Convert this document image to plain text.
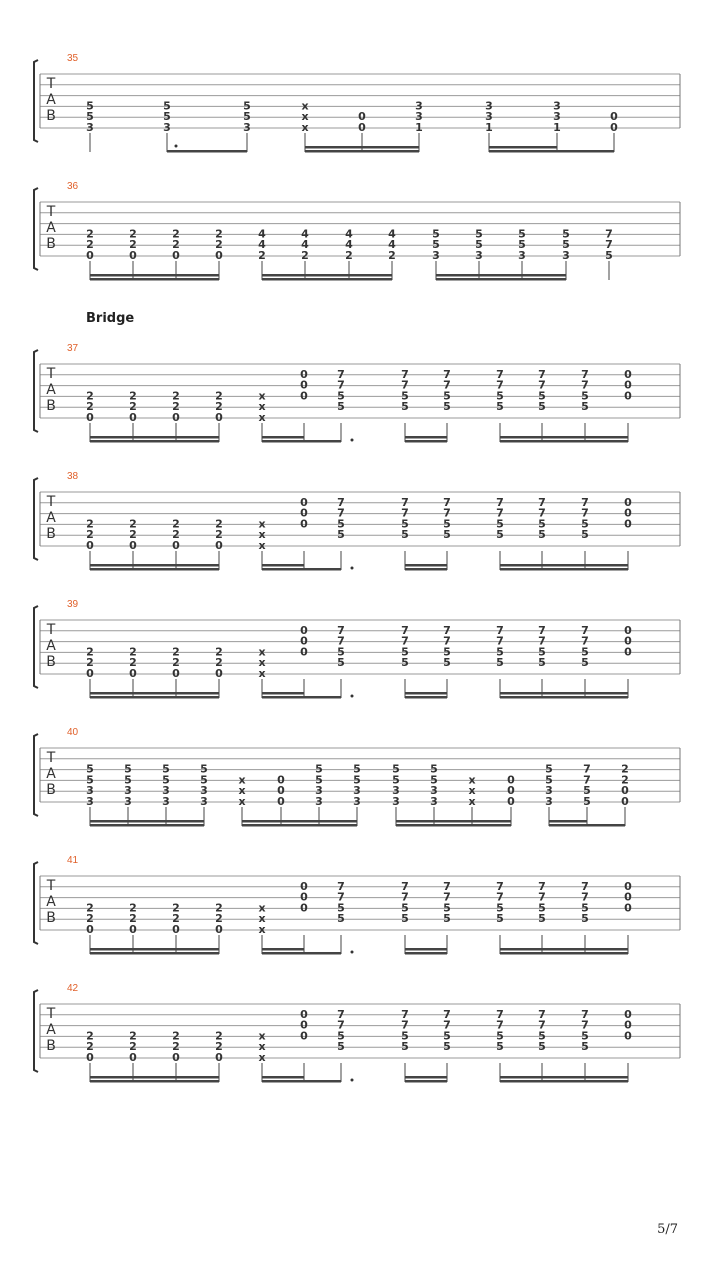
T
A
B
35
5
5
3
5
5
3
5
5
3
x
x
x
0
0
3
3
1
3
3
1
3
3
1
0
0
T
A
B
36
2
2
0
2
2
0
2
2
0
2
2
0
4
4
2
4
4
2
4
4
2
4
4
2
5
5
3
5
5
3
5
5
3
5
5
3
7
7
5
T
A
B
37
2
2
0
2
2
0
2
2
0
2
2
0
x
x
x
0
0
0
7
7
5
5
7
7
5
5
7
7
5
5
7
7
5
5
7
7
5
5
7
7
5
5
0
0
0
T
A
B
38
2
2
0
2
2
0
2
2
0
2
2
0
x
x
x
0
0
0
7
7
5
5
7
7
5
5
7
7
5
5
7
7
5
5
7
7
5
5
7
7
5
5
0
0
0
T
A
B
39
2
2
0
2
2
0
2
2
0
2
2
0
x
x
x
0
0
0
7
7
5
5
7
7
5
5
7
7
5
5
7
7
5
5
7
7
5
5
7
7
5
5
0
0
0
T
A
B
40
5
5
3
3
5
5
3
3
5
5
3
3
5
5
3
3
x
x
x
0
0
0
5
5
3
3
5
5
3
3
5
5
3
3
5
5
3
3
x
x
x
0
0
0
5
5
3
3
7
7
5
5
2
2
0
0
T
A
B
41
2
2
0
2
2
0
2
2
0
2
2
0
x
x
x
0
0
0
7
7
5
5
7
7
5
5
7
7
5
5
7
7
5
5
7
7
5
5
7
7
5
5
0
0
0
T
A
B
42
2
2
0
2
2
0
2
2
0
2
2
0
x
x
x
0
0
0
7
7
5
5
7
7
5
5
7
7
5
5
7
7
5
5
7
7
5
5
7
7
5
5
0
0
0
Bridge
5/7
